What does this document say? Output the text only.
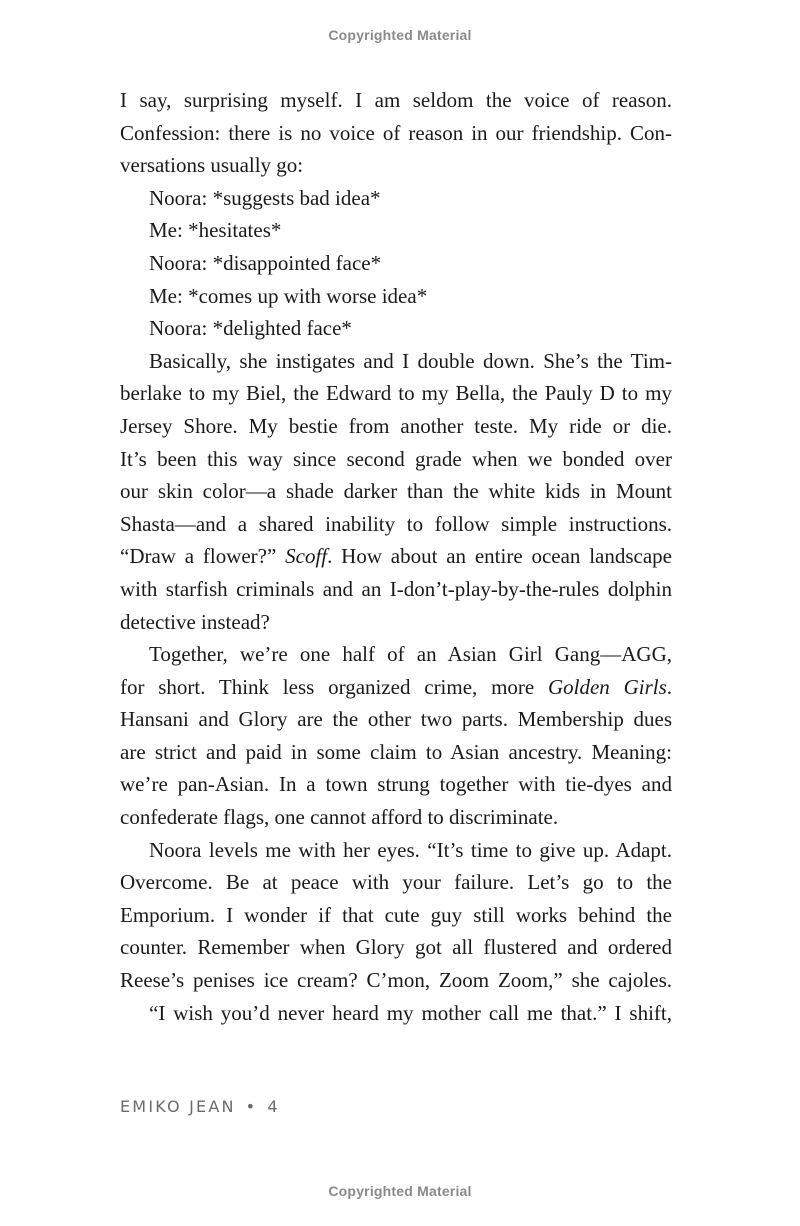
Copyrighted Material
I say, surprising myself. I am seldom the voice of reason.
Confession: there is no voice of reason in our friendship. Con-
versations usually go:
Noora: *suggests bad idea*
Me: *hesitates*
Noora: *disappointed face*
Me: *comes up with worse idea*
Noora: *delighted face*
Basically, she instigates and I double down. She’s the Tim-
berlake to my Biel, the Edward to my Bella, the Pauly D to my
Jersey Shore. My bestie from another teste. My ride or die.
It’s been this way since second grade when we bonded over
our skin color—a shade darker than the white kids in Mount
Shasta—and a shared inability to follow simple instructions.
“Draw a flower?” Scoff. How about an entire ocean landscape
with starfish criminals and an I-don’t-play-by-the-rules dolphin
detective instead?
Together, we’re one half of an Asian Girl Gang—AGG,
for short. Think less organized crime, more Golden Girls.
Hansani and Glory are the other two parts. Membership dues
are strict and paid in some claim to Asian ancestry. Meaning:
we’re pan-Asian. In a town strung together with tie-dyes and
confederate flags, one cannot afford to discriminate.
Noora levels me with her eyes. “It’s time to give up. Adapt.
Overcome. Be at peace with your failure. Let’s go to the
Emporium. I wonder if that cute guy still works behind the
counter. Remember when Glory got all flustered and ordered
Reese’s penises ice cream? C’mon, Zoom Zoom,” she cajoles.
“I wish you’d never heard my mother call me that.” I shift,
EMIKO JEAN • 4
Copyrighted Material
